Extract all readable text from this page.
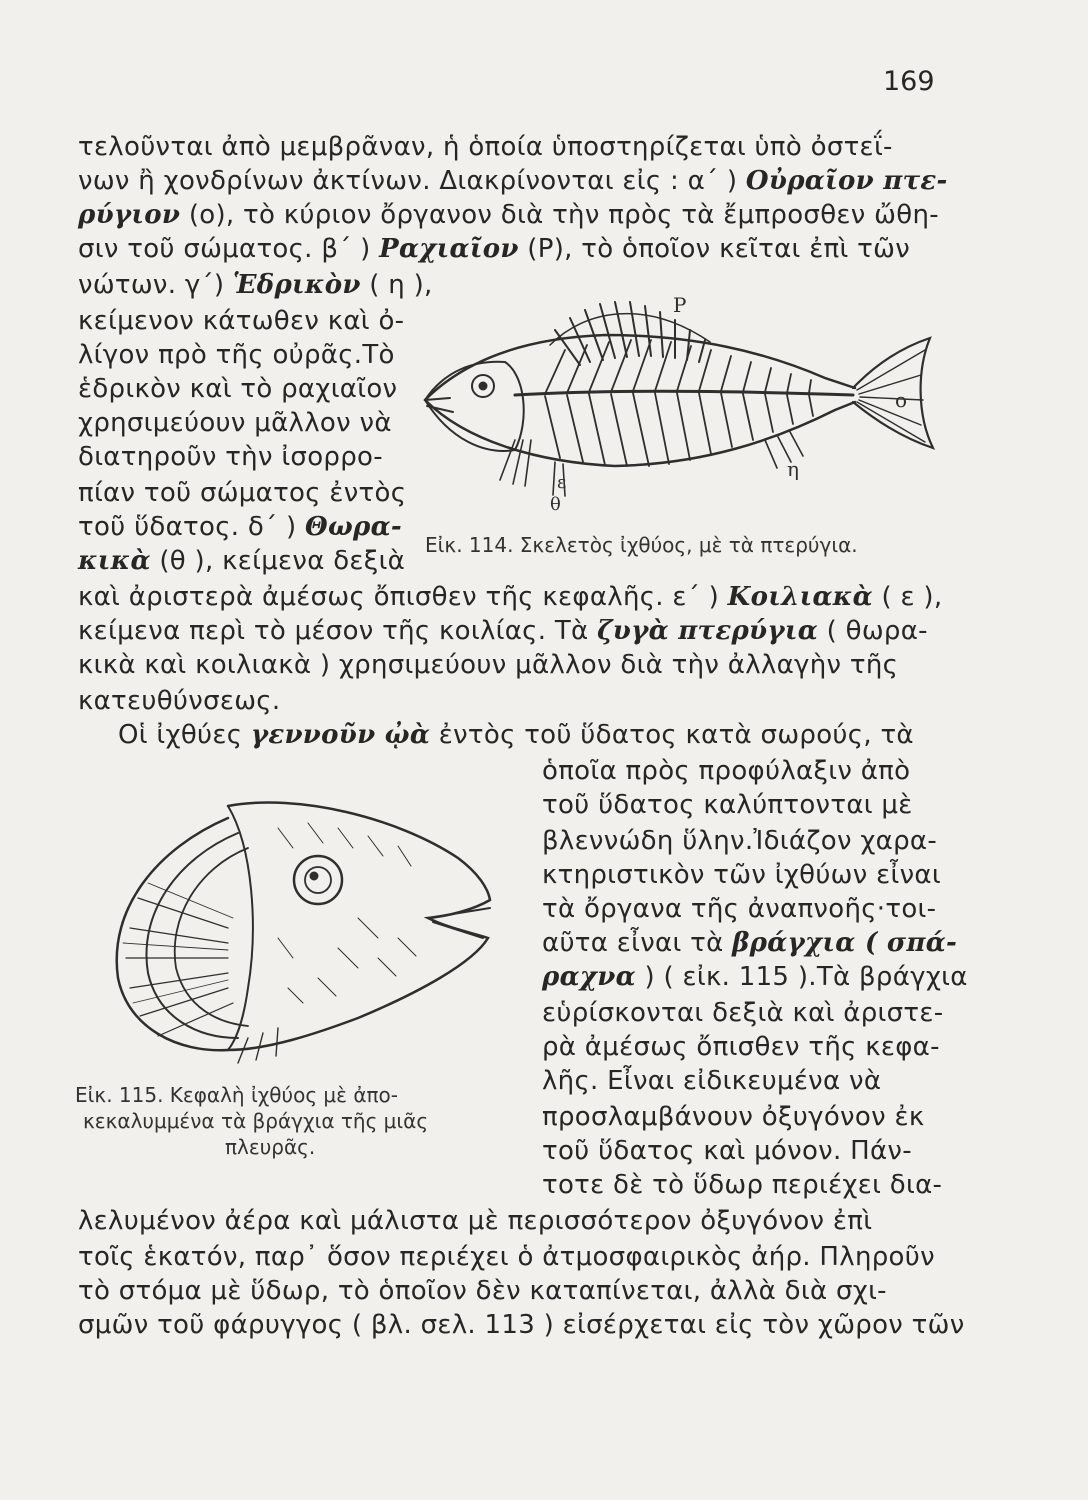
169
τελοῦνται ἀπὸ μεμβρᾶναν, ἡ ὁποία ὑποστηρίζεται ὑπὸ ὀστεΐ-
νων ἢ χονδρίνων ἀκτίνων. Διακρίνονται εἰς : α΄ ) Οὐραῖον πτε-
ρύγιον (ο), τὸ κύριον ὄργανον διὰ τὴν πρὸς τὰ ἔμπροσθεν ὤθη-
σιν τοῦ σώματος. β΄ ) Ραχιαῖον (Ρ), τὸ ὁποῖον κεῖται ἐπὶ τῶν
νώτων. γ΄) Ἑδρικὸν ( η ),
κείμενον κάτωθεν καὶ ὀ-
λίγον πρὸ τῆς οὐρᾶς.Τὸ
ἑδρικὸν καὶ τὸ ραχιαῖον
χρησιμεύουν μᾶλλον νὰ
διατηροῦν τὴν ἰσορρο-
πίαν τοῦ σώματος ἐντὸς
τοῦ ὕδατος. δ΄ ) Θωρα-
κικὰ (θ ), κείμενα δεξιὰ
καὶ ἀριστερὰ ἀμέσως ὄπισθεν τῆς κεφαλῆς. ε΄ ) Κοιλιακὰ ( ε ),
κείμενα περὶ τὸ μέσον τῆς κοιλίας. Τὰ ζυγὰ πτερύγια ( θωρα-
κικὰ καὶ κοιλιακὰ ) χρησιμεύουν μᾶλλον διὰ τὴν ἀλλαγὴν τῆς
κατευθύνσεως.
Οἱ ἰχθύες γεννοῦν ᾠὰ ἐντὸς τοῦ ὕδατος κατὰ σωρούς, τὰ
ὁποῖα πρὸς προφύλαξιν ἀπὸ
τοῦ ὕδατος καλύπτονται μὲ
βλεννώδη ὕλην.Ἰδιάζον χαρα-
κτηριστικὸν τῶν ἰχθύων εἶναι
τὰ ὄργανα τῆς ἀναπνοῆς·τοι-
αῦτα εἶναι τὰ βράγχια ( σπά-
ραχνα ) ( εἰκ. 115 ).Τὰ βράγχια
εὑρίσκονται δεξιὰ καὶ ἀριστε-
ρὰ ἀμέσως ὄπισθεν τῆς κεφα-
λῆς. Εἶναι εἰδικευμένα νὰ
προσλαμβάνουν ὀξυγόνον ἐκ
τοῦ ὕδατος καὶ μόνον. Πάν-
τοτε δὲ τὸ ὕδωρ περιέχει δια-
λελυμένον ἀέρα καὶ μάλιστα μὲ περισσότερον ὀξυγόνον ἐπὶ
τοῖς ἑκατόν, παρ᾿ ὅσον περιέχει ὁ ἀτμοσφαιρικὸς ἀήρ. Πληροῦν
τὸ στόμα μὲ ὕδωρ, τὸ ὁποῖον δὲν καταπίνεται, ἀλλὰ διὰ σχι-
σμῶν τοῦ φάρυγγος ( βλ. σελ. 113 ) εἰσέρχεται εἰς τὸν χῶρον τῶν
Ρ
ο
η
ε
θ
Εἰκ. 114. Σκελετὸς ἰχθύος, μὲ τὰ πτερύγια.
Εἰκ. 115. Κεφαλὴ ἰχθύος μὲ ἀπο-
κεκαλυμμένα τὰ βράγχια τῆς μιᾶς
πλευρᾶς.
